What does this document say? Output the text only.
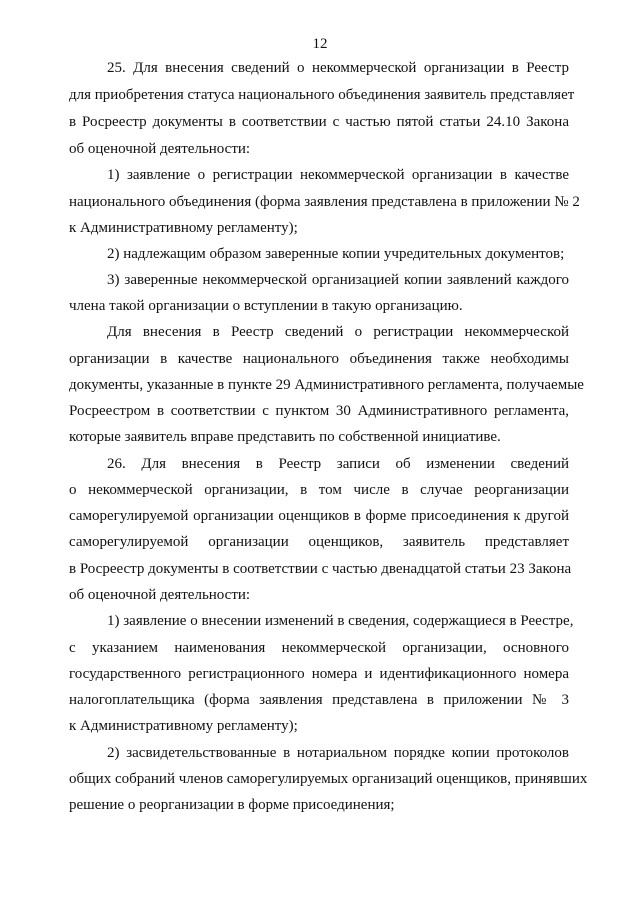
12
25. Для внесения сведений о некоммерческой организации в Реестр
для приобретения статуса национального объединения заявитель представляет
в Росреестр документы в соответствии с частью пятой статьи 24.10 Закона
об оценочной деятельности:
1) заявление о регистрации некоммерческой организации в качестве
национального объединения (форма заявления представлена в приложении № 2
к Административному регламенту);
2) надлежащим образом заверенные копии учредительных документов;
3) заверенные некоммерческой организацией копии заявлений каждого
члена такой организации о вступлении в такую организацию.
Для внесения в Реестр сведений о регистрации некоммерческой
организации в качестве национального объединения также необходимы
документы, указанные в пункте 29 Административного регламента, получаемые
Росреестром в соответствии с пунктом 30 Административного регламента,
которые заявитель вправе представить по собственной инициативе.
26. Для внесения в Реестр записи об изменении сведений
о некоммерческой организации, в том числе в случае реорганизации
саморегулируемой организации оценщиков в форме присоединения к другой
саморегулируемой организации оценщиков, заявитель представляет
в Росреестр документы в соответствии с частью двенадцатой статьи 23 Закона
об оценочной деятельности:
1) заявление о внесении изменений в сведения, содержащиеся в Реестре,
с указанием наименования некоммерческой организации, основного
государственного регистрационного номера и идентификационного номера
налогоплательщика (форма заявления представлена в приложении № 3
к Административному регламенту);
2) засвидетельствованные в нотариальном порядке копии протоколов
общих собраний членов саморегулируемых организаций оценщиков, принявших
решение о реорганизации в форме присоединения;
